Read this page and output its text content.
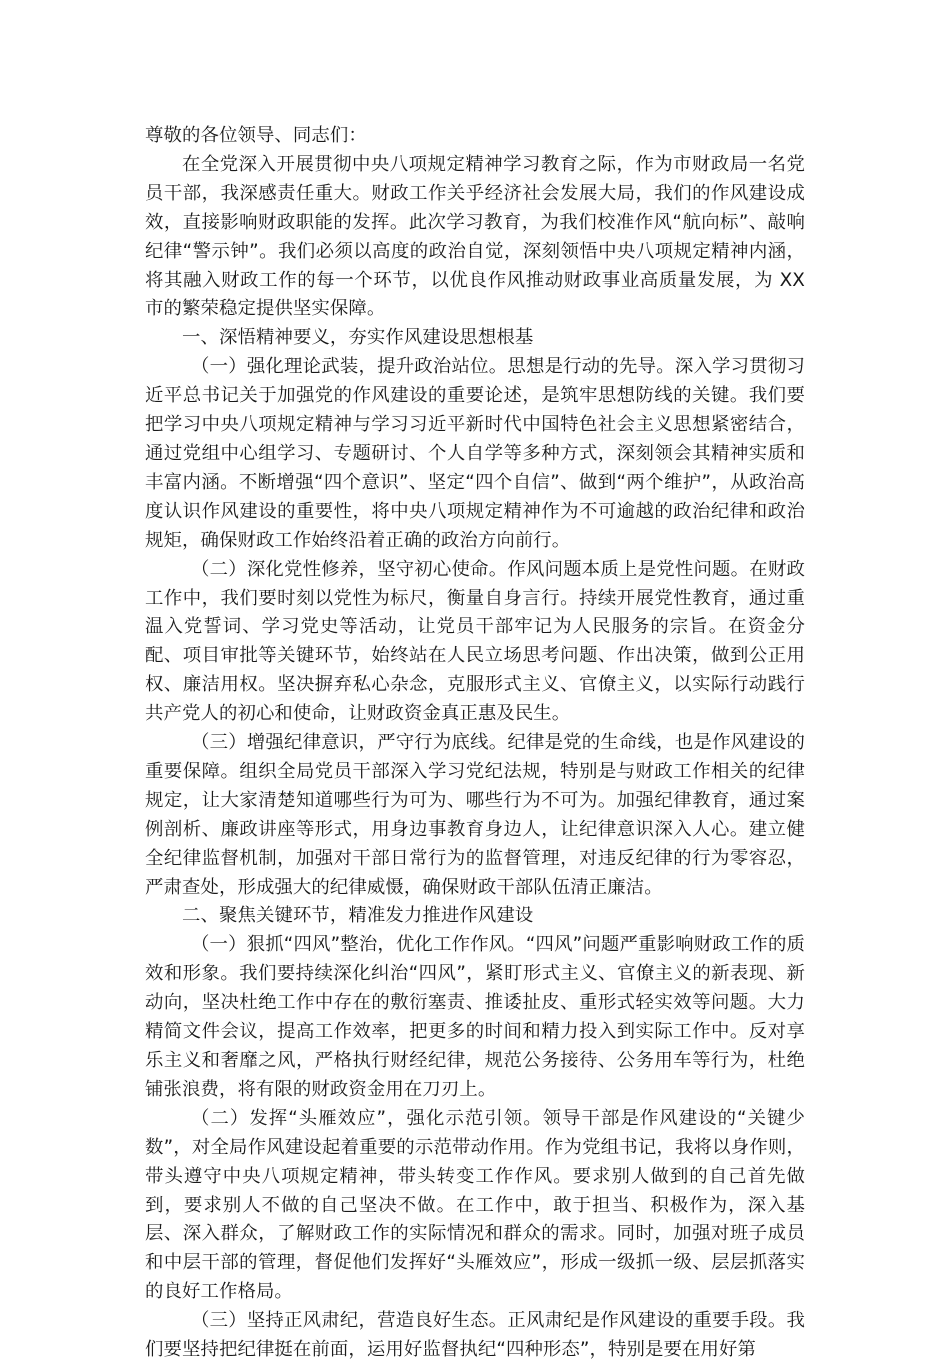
尊敬的各位领导、同志们：

在全党深入开展贯彻中央八项规定精神学习教育之际，作为市财政局一名党员干部，我深感责任重大。财政工作关乎经济社会发展大局，我们的作风建设成效，直接影响财政职能的发挥。此次学习教育，为我们校准作风“航向标”、敲响纪律“警示钟”。我们必须以高度的政治自觉，深刻领悟中央八项规定精神内涵，将其融入财政工作的每一个环节，以优良作风推动财政事业高质量发展，为 XX 市的繁荣稳定提供坚实保障。

一、深悟精神要义，夯实作风建设思想根基

（一）强化理论武装，提升政治站位。思想是行动的先导。深入学习贯彻习近平总书记关于加强党的作风建设的重要论述，是筑牢思想防线的关键。我们要把学习中央八项规定精神与学习习近平新时代中国特色社会主义思想紧密结合，通过党组中心组学习、专题研讨、个人自学等多种方式，深刻领会其精神实质和丰富内涵。不断增强“四个意识”、坚定“四个自信”、做到“两个维护”，从政治高度认识作风建设的重要性，将中央八项规定精神作为不可逾越的政治纪律和政治规矩，确保财政工作始终沿着正确的政治方向前行。

（二）深化党性修养，坚守初心使命。作风问题本质上是党性问题。在财政工作中，我们要时刻以党性为标尺，衡量自身言行。持续开展党性教育，通过重温入党誓词、学习党史等活动，让党员干部牢记为人民服务的宗旨。在资金分配、项目审批等关键环节，始终站在人民立场思考问题、作出决策，做到公正用权、廉洁用权。坚决摒弃私心杂念，克服形式主义、官僚主义，以实际行动践行共产党人的初心和使命，让财政资金真正惠及民生。

（三）增强纪律意识，严守行为底线。纪律是党的生命线，也是作风建设的重要保障。组织全局党员干部深入学习党纪法规，特别是与财政工作相关的纪律规定，让大家清楚知道哪些行为可为、哪些行为不可为。加强纪律教育，通过案例剖析、廉政讲座等形式，用身边事教育身边人，让纪律意识深入人心。建立健全纪律监督机制，加强对干部日常行为的监督管理，对违反纪律的行为零容忍，严肃查处，形成强大的纪律威慑，确保财政干部队伍清正廉洁。

二、聚焦关键环节，精准发力推进作风建设

（一）狠抓“四风”整治，优化工作作风。“四风”问题严重影响财政工作的质效和形象。我们要持续深化纠治“四风”，紧盯形式主义、官僚主义的新表现、新动向，坚决杜绝工作中存在的敷衍塞责、推诿扯皮、重形式轻实效等问题。大力精简文件会议，提高工作效率，把更多的时间和精力投入到实际工作中。反对享乐主义和奢靡之风，严格执行财经纪律，规范公务接待、公务用车等行为，杜绝铺张浪费，将有限的财政资金用在刀刃上。

（二）发挥“头雁效应”，强化示范引领。领导干部是作风建设的“关键少数”，对全局作风建设起着重要的示范带动作用。作为党组书记，我将以身作则，带头遵守中央八项规定精神，带头转变工作作风。要求别人做到的自己首先做到，要求别人不做的自己坚决不做。在工作中，敢于担当、积极作为，深入基层、深入群众，了解财政工作的实际情况和群众的需求。同时，加强对班子成员和中层干部的管理，督促他们发挥好“头雁效应”，形成一级抓一级、层层抓落实的良好工作格局。

（三）坚持正风肃纪，营造良好生态。正风肃纪是作风建设的重要手段。我们要坚持把纪律挺在前面，运用好监督执纪“四种形态”，特别是要在用好第
